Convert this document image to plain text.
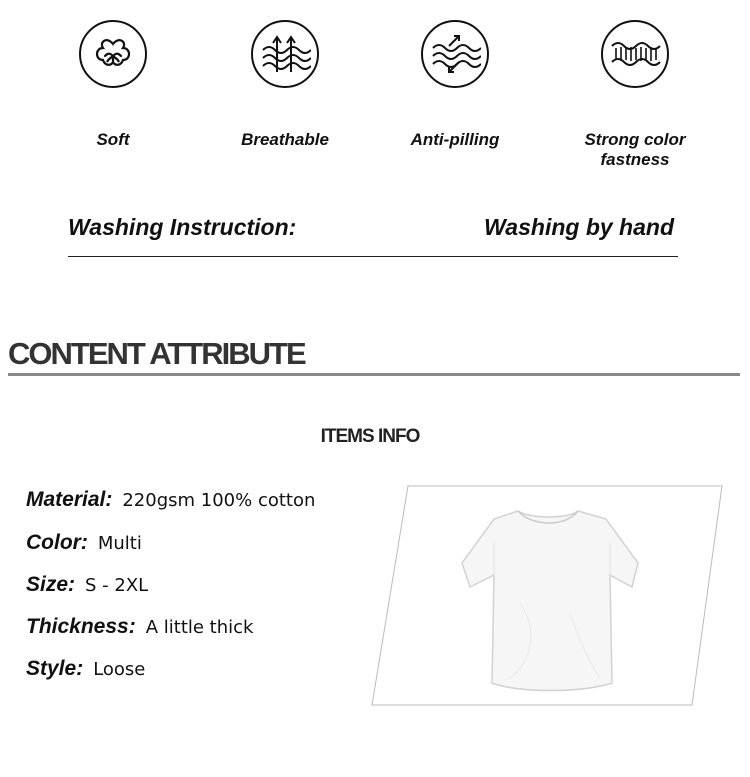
Soft	Breathable	Anti-pilling	Strong color fastness
Washing Instruction:	Washing by hand
CONTENT ATTRIBUTE
ITEMS INFO
Material: 220gsm 100% cotton
Color: Multi
Size: S - 2XL
Thickness: A little thick
Style: Loose
